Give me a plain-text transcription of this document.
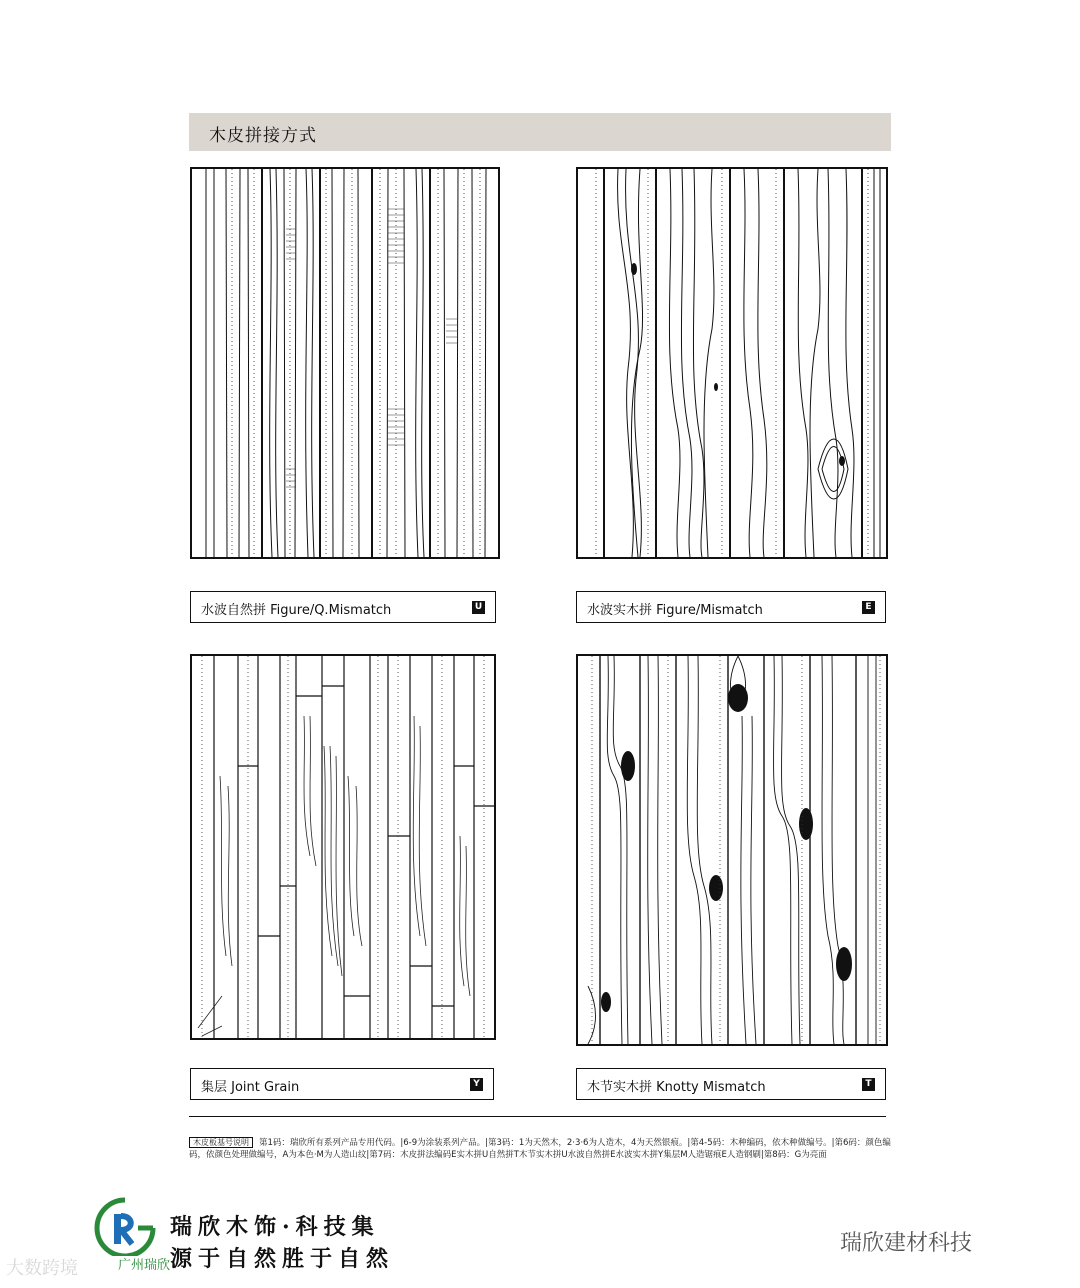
木皮拼接方式
水波自然拼 Figure/Q.Mismatch	U	水波实木拼 Figure/Mismatch	E
集层 Joint Grain	Y	木节实木拼 Knotty Mismatch	T
木皮板基号说明 第1码：瑞欣所有系列产品专用代码。|6-9为涂装系列产品。|第3码：1为天然木，2·3·6为人造木，4为天然银痕。|第4-5码：木种编码，依木种做编号。|第6码：颜色编码，依颜色处理做编号，A为本色·M为人造山纹|第7码：木皮拼法编码E实木拼U自然拼T木节实木拼U水波自然拼E水波实木拼Y集层M人造锯痕E人造钢刷|第8码：G为亮面
广州瑞欣
瑞欣木饰·科技集
源于自然胜于自然
大数跨境
瑞欣建材科技
